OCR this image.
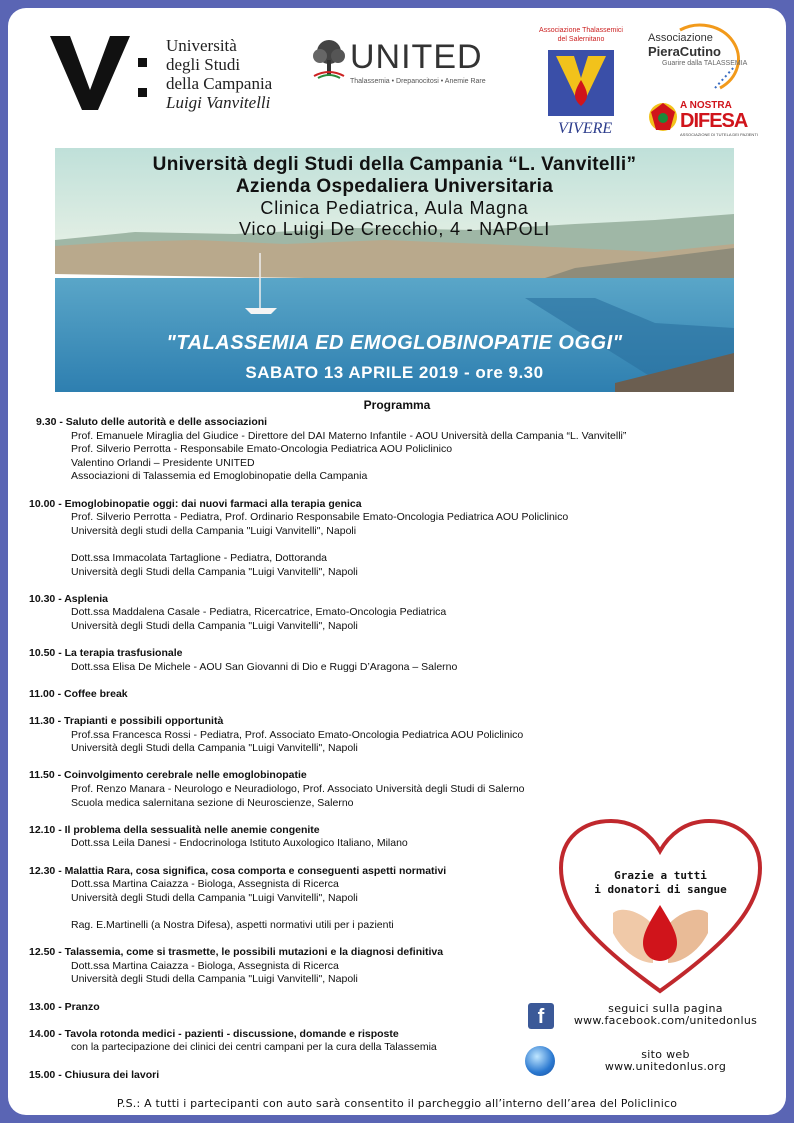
Università
degli Studi
della Campania
Luigi Vanvitelli
UNITED
Thalassemia • Drepanocitosi • Anemie Rare
Associazione Thalassemici del Salernitano
VIVERE
Associazione
PieraCutino
Guarire dalla TALASSEMIA
A NOSTRA
DIFESA
ASSOCIAZIONE DI TUTELA DEI PAZIENTI
Università degli Studi della Campania “L. Vanvitelli”
Azienda Ospedaliera Universitaria
Clinica Pediatrica, Aula Magna
Vico Luigi De Crecchio, 4 - NAPOLI
"TALASSEMIA ED EMOGLOBINOPATIE OGGI"
SABATO 13 APRILE 2019 - ore 9.30
Programma
9.30 - Saluto delle autorità e delle associazioni
Prof. Emanuele Miraglia del Giudice - Direttore del DAI Materno Infantile - AOU Università della Campania “L. Vanvitelli”
Prof. Silverio Perrotta - Responsabile Emato-Oncologia Pediatrica AOU Policlinico
Valentino Orlandi – Presidente UNITED
Associazioni di Talassemia ed Emoglobinopatie della Campania
10.00 - Emoglobinopatie oggi: dai nuovi farmaci alla terapia genica
Prof. Silverio Perrotta - Pediatra, Prof. Ordinario Responsabile Emato-Oncologia Pediatrica AOU Policlinico
Università degli studi della Campania "Luigi Vanvitelli", Napoli
Dott.ssa Immacolata Tartaglione - Pediatra, Dottoranda
Università degli Studi della Campania "Luigi Vanvitelli", Napoli
10.30 - Asplenia
Dott.ssa Maddalena Casale - Pediatra, Ricercatrice, Emato-Oncologia Pediatrica
Università degli Studi della Campania "Luigi Vanvitelli", Napoli
10.50 - La terapia trasfusionale
Dott.ssa Elisa De Michele - AOU San Giovanni di Dio e Ruggi D’Aragona – Salerno
11.00 - Coffee break
11.30 - Trapianti e possibili opportunità
Prof.ssa Francesca Rossi - Pediatra, Prof. Associato Emato-Oncologia Pediatrica AOU Policlinico
Università degli Studi della Campania "Luigi Vanvitelli", Napoli
11.50 - Coinvolgimento cerebrale nelle emoglobinopatie
Prof. Renzo Manara - Neurologo e Neuradiologo, Prof. Associato Università degli Studi di Salerno
Scuola medica salernitana sezione di Neuroscienze, Salerno
12.10 - Il problema della sessualità nelle anemie congenite
Dott.ssa Leila Danesi - Endocrinologa Istituto Auxologico Italiano, Milano
12.30 - Malattia Rara, cosa significa, cosa comporta e conseguenti aspetti normativi
Dott.ssa Martina Caiazza - Biologa, Assegnista di Ricerca
Università degli Studi della Campania "Luigi Vanvitelli", Napoli
Rag. E.Martinelli (a Nostra Difesa), aspetti normativi utili per i pazienti
12.50 - Talassemia, come si trasmette, le possibili mutazioni e la diagnosi definitiva
Dott.ssa Martina Caiazza - Biologa, Assegnista di Ricerca
Università degli Studi della Campania "Luigi Vanvitelli", Napoli
13.00 - Pranzo
14.00 - Tavola rotonda medici - pazienti - discussione, domande e risposte
con la partecipazione dei clinici dei centri campani per la cura della Talassemia
15.00 - Chiusura dei lavori
Grazie a tutti
i donatori di sangue
f	seguici sulla pagina
www.facebook.com/unitedonlus
sito web
www.unitedonlus.org
P.S.: A tutti i partecipanti con auto sarà consentito il parcheggio all’interno dell’area del Policlinico
